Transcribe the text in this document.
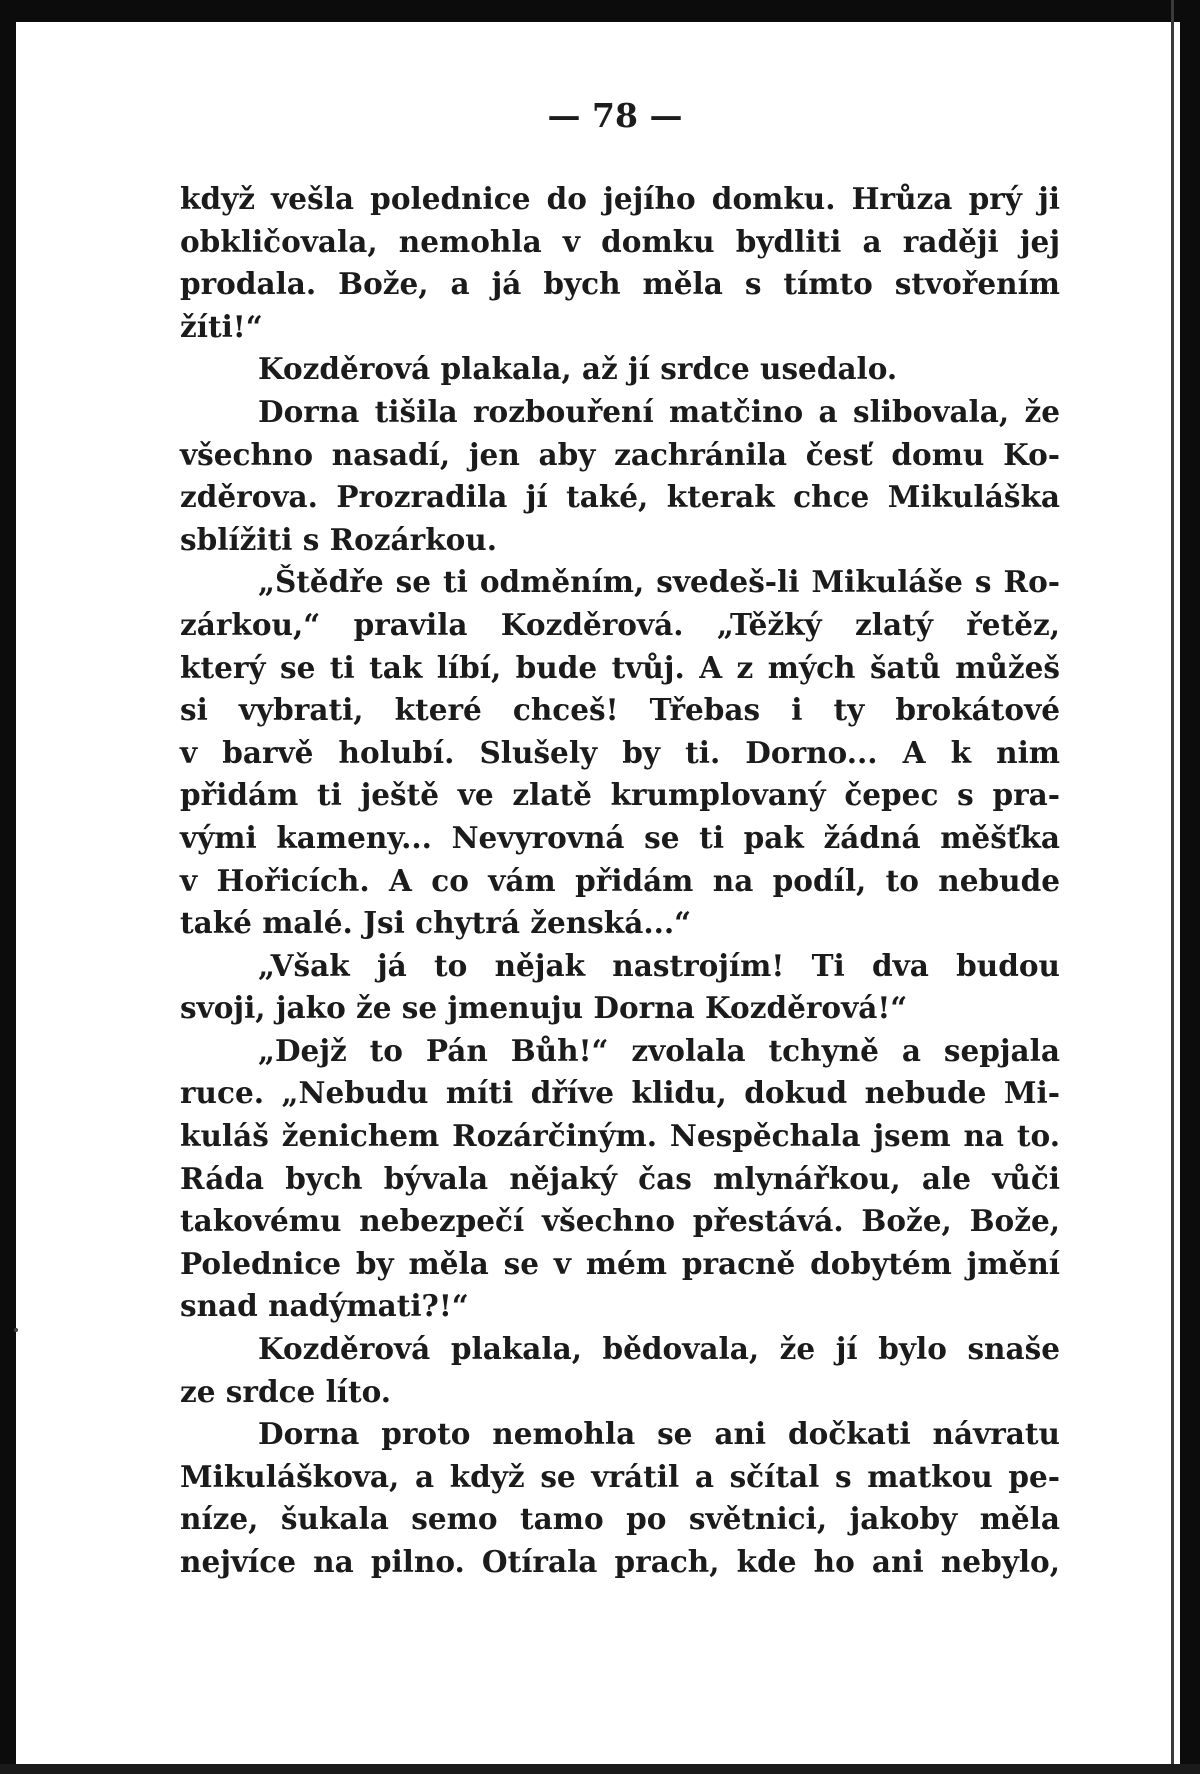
— 78 —
když vešla polednice do jejího domku. Hrůza prý ji
obkličovala, nemohla v domku bydliti a raději jej
prodala. Bože, a já bych měla s tímto stvořením
žíti!“
Kozděrová plakala, až jí srdce usedalo.
Dorna tišila rozbouření matčino a slibovala, že
všechno nasadí, jen aby zachránila česť domu Ko-
zděrova. Prozradila jí také, kterak chce Mikuláška
sblížiti s Rozárkou.
„Štědře se ti odměním, svedeš-li Mikuláše s Ro-
zárkou,“ pravila Kozděrová. „Těžký zlatý řetěz,
který se ti tak líbí, bude tvůj. A z mých šatů můžeš
si vybrati, které chceš! Třebas i ty brokátové
v barvě holubí. Slušely by ti. Dorno... A k nim
přidám ti ještě ve zlatě krumplovaný čepec s pra-
vými kameny... Nevyrovná se ti pak žádná měšťka
v Hořicích. A co vám přidám na podíl, to nebude
také malé. Jsi chytrá ženská...“
„Však já to nějak nastrojím! Ti dva budou
svoji, jako že se jmenuju Dorna Kozděrová!“
„Dejž to Pán Bůh!“ zvolala tchyně a sepjala
ruce. „Nebudu míti dříve klidu, dokud nebude Mi-
kuláš ženichem Rozárčiným. Nespěchala jsem na to.
Ráda bych bývala nějaký čas mlynářkou, ale vůči
takovému nebezpečí všechno přestává. Bože, Bože,
Polednice by měla se v mém pracně dobytém jmění
snad nadýmati?!“
Kozděrová plakala, bědovala, že jí bylo snaše
ze srdce líto.
Dorna proto nemohla se ani dočkati návratu
Mikuláškova, a když se vrátil a sčítal s matkou pe-
níze, šukala semo tamo po světnici, jakoby měla
nejvíce na pilno. Otírala prach, kde ho ani nebylo,
